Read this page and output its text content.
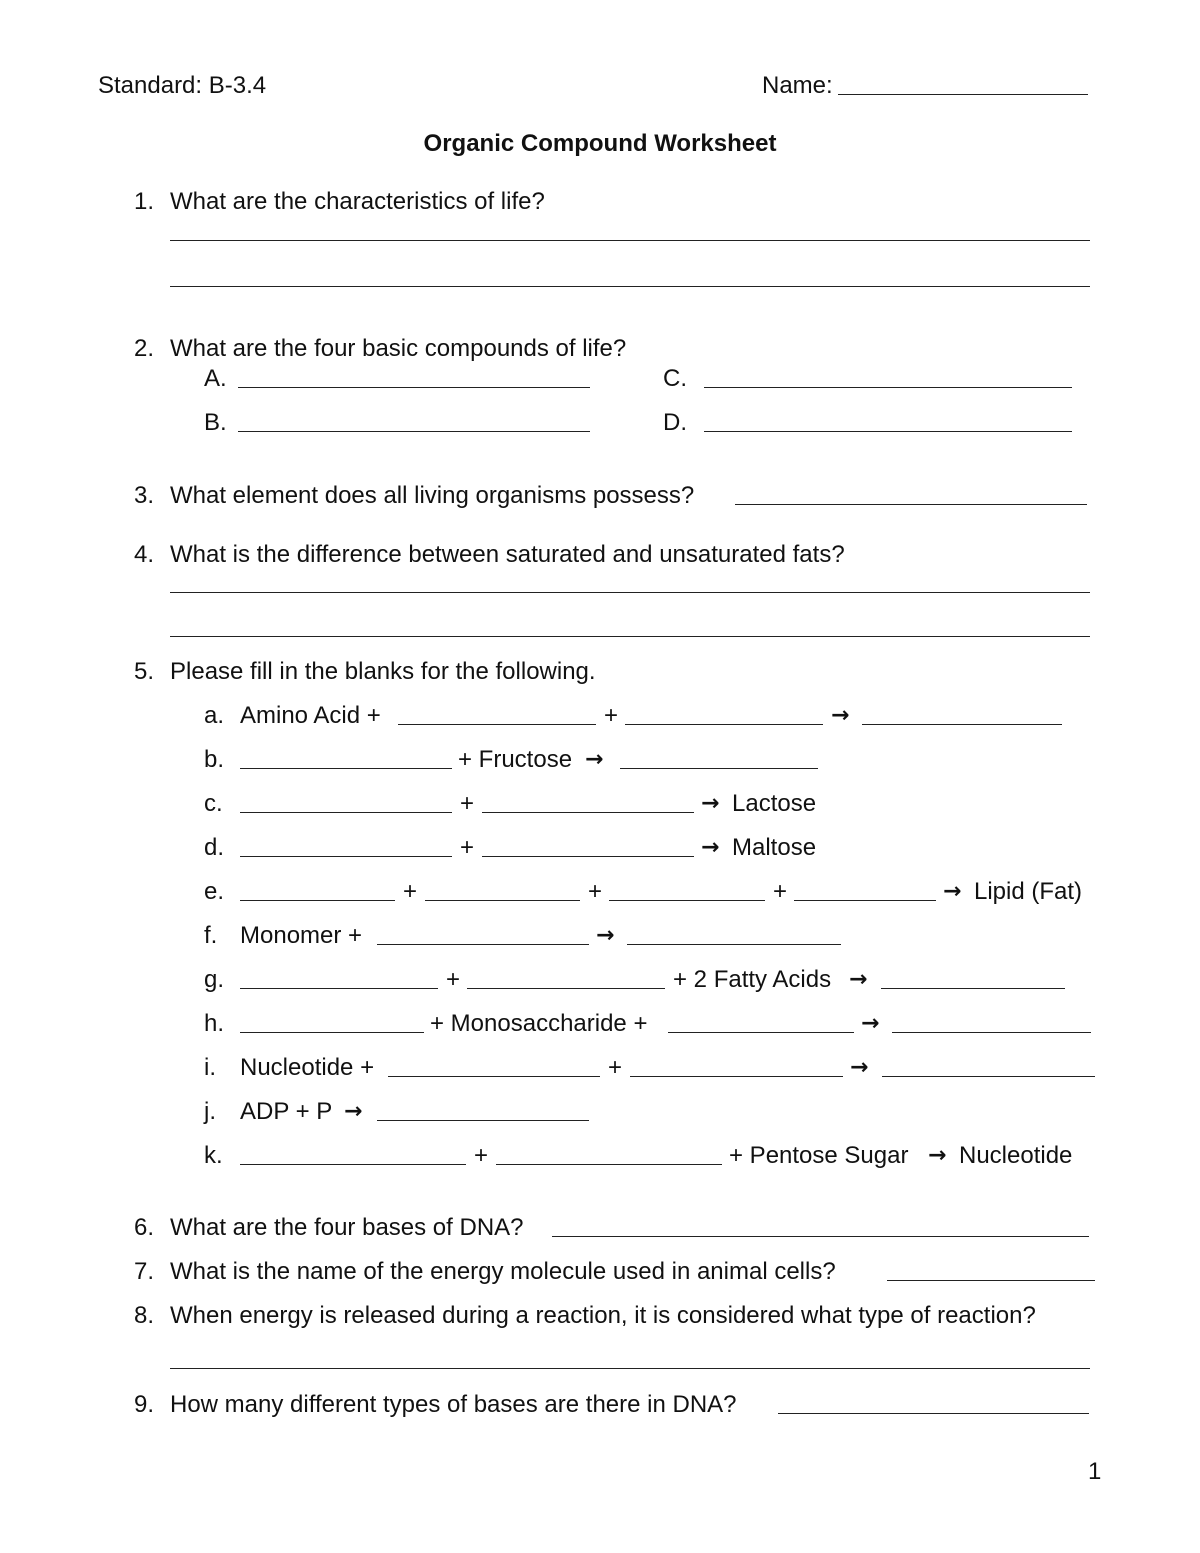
Standard: B-3.4	Name:
Organic Compound Worksheet
1. What are the characteristics of life?
2. What are the four basic compounds of life?
A.	C.
B.	D.
3. What element does all living organisms possess?
4. What is the difference between saturated and unsaturated fats?
5. Please fill in the blanks for the following.
a. Amino Acid +	+	→
b.	+ Fructose →
c.	+	→ Lactose
d.	+	→ Maltose
e.	+	+	+	→ Lipid (Fat)
f. Monomer +	→
g.	+	+ 2 Fatty Acids →
h.	+ Monosaccharide +	→
i. Nucleotide +	+	→
j. ADP + P →
k.	+	+ Pentose Sugar → Nucleotide
6. What are the four bases of DNA?
7. What is the name of the energy molecule used in animal cells?
8. When energy is released during a reaction, it is considered what type of reaction?
9. How many different types of bases are there in DNA?
1
